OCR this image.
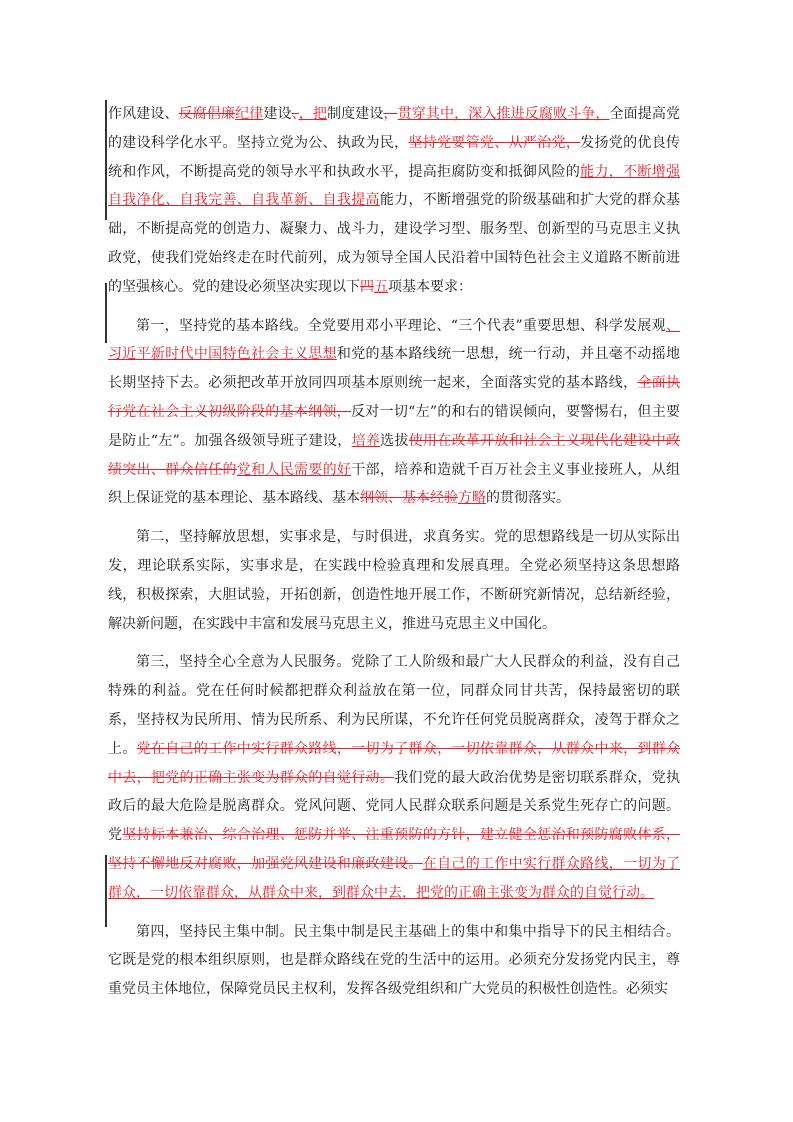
作风建设、反腐倡廉纪律建设、，把制度建设，贯穿其中，深入推进反腐败斗争，全面提高党的建设科学化水平。坚持立党为公、执政为民，坚持党要管党、从严治党，发扬党的优良传统和作风，不断提高党的领导水平和执政水平，提高拒腐防变和抵御风险的能力，不断增强自我净化、自我完善、自我革新、自我提高能力，不断增强党的阶级基础和扩大党的群众基础，不断提高党的创造力、凝聚力、战斗力，建设学习型、服务型、创新型的马克思主义执政党，使我们党始终走在时代前列，成为领导全国人民沿着中国特色社会主义道路不断前进的坚强核心。党的建设必须坚决实现以下四五项基本要求：

第一，坚持党的基本路线。全党要用邓小平理论、“三个代表”重要思想、科学发展观、习近平新时代中国特色社会主义思想和党的基本路线统一思想，统一行动，并且毫不动摇地长期坚持下去。必须把改革开放同四项基本原则统一起来，全面落实党的基本路线，全面执行党在社会主义初级阶段的基本纲领，反对一切“左”的和右的错误倾向，要警惕右，但主要是防止“左”。加强各级领导班子建设，培养选拔使用在改革开放和社会主义现代化建设中政绩突出、群众信任的党和人民需要的好干部，培养和造就千百万社会主义事业接班人，从组织上保证党的基本理论、基本路线、基本纲领、基本经验方略的贯彻落实。

第二，坚持解放思想，实事求是，与时俱进，求真务实。党的思想路线是一切从实际出发，理论联系实际，实事求是，在实践中检验真理和发展真理。全党必须坚持这条思想路线，积极探索，大胆试验，开拓创新，创造性地开展工作，不断研究新情况，总结新经验，解决新问题，在实践中丰富和发展马克思主义，推进马克思主义中国化。

第三，坚持全心全意为人民服务。党除了工人阶级和最广大人民群众的利益，没有自己特殊的利益。党在任何时候都把群众利益放在第一位，同群众同甘共苦，保持最密切的联系，坚持权为民所用、情为民所系、利为民所谋，不允许任何党员脱离群众，凌驾于群众之上。党在自己的工作中实行群众路线，一切为了群众，一切依靠群众，从群众中来，到群众中去，把党的正确主张变为群众的自觉行动。我们党的最大政治优势是密切联系群众，党执政后的最大危险是脱离群众。党风问题、党同人民群众联系问题是关系党生死存亡的问题。党坚持标本兼治、综合治理、惩防并举、注重预防的方针，建立健全惩治和预防腐败体系，坚持不懈地反对腐败，加强党风建设和廉政建设。在自己的工作中实行群众路线，一切为了群众，一切依靠群众，从群众中来，到群众中去，把党的正确主张变为群众的自觉行动。

第四，坚持民主集中制。民主集中制是民主基础上的集中和集中指导下的民主相结合。它既是党的根本组织原则，也是群众路线在党的生活中的运用。必须充分发扬党内民主，尊重党员主体地位，保障党员民主权利，发挥各级党组织和广大党员的积极性创造性。必须实
